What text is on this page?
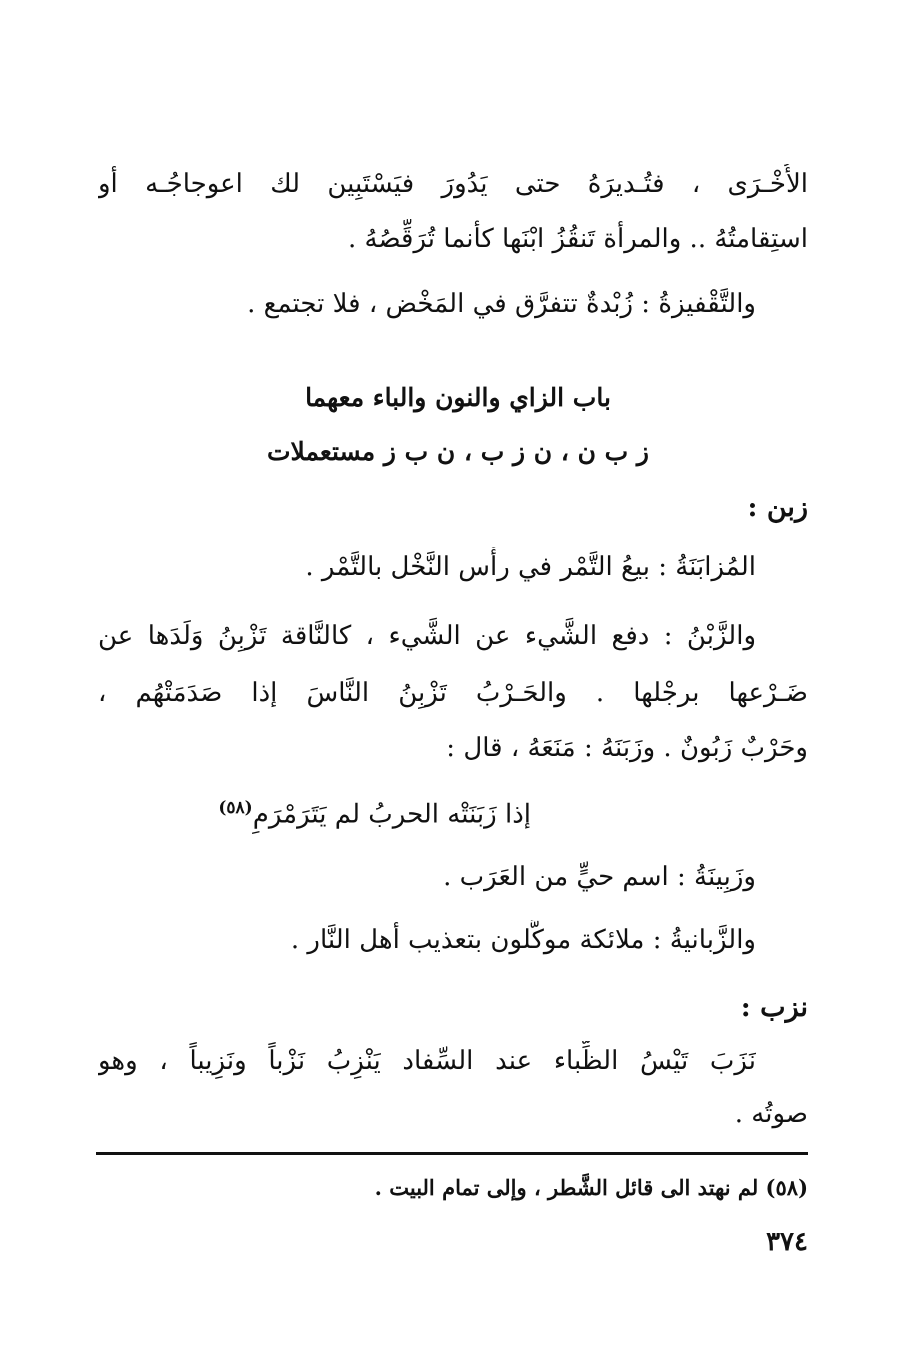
الأُخْـرَى ، فتُـديرَهُ حتى يَدُورَ فيَسْتَبِين لك اعوجاجُـه أو
استِقامتُهُ .. والمرأة تَنقُزُ ابْنَها كأنما تُرَقِّصُهُ .
والتَّقْفيزةُ : زُبْدةٌ تتفرَّق في المَخْض ، فلا تجتمع .
باب الزاي والنون والباء معهما
ز ب ن ، ن ز ب ، ن ب ز مستعملات
زبن :
المُزابَنَةُ : بيعُ التَّمْر في رأْس النَّخْل بالتَّمْر .
والزَّبْنُ : دفع الشَّيء عن الشَّيء ، كالنَّاقة تَزْبِنُ وَلَدَها عن
ضَـرْعها برجْلها . والحَـرْبُ تَزْبِنُ النَّاسَ إذا صَدَمَتْهُم ،
وحَرْبٌ زَبُونٌ . وزَبَنَهُ : مَنَعَهُ ، قال :
إذا زَبَنَتْه الحربُ لم يَتَرَمْرَمِ$^{(٥٨)}$
وزَبِينَةُ : اسم حيٍّ من العَرَب .
والزَّبانيةُ : ملائكة موكَّلون بتعذيب أهل النَّار .
نزب :
نَزَبَ تَيْسُ الظِّباء عند السِّفاد يَنْزِبُ نَزْباً ونَزِيباً ، وهو
صوتُه .
(٥٨) لم نهتد الى قائل الشَّطر ، وإلى تمام البيت .
٣٧٤
